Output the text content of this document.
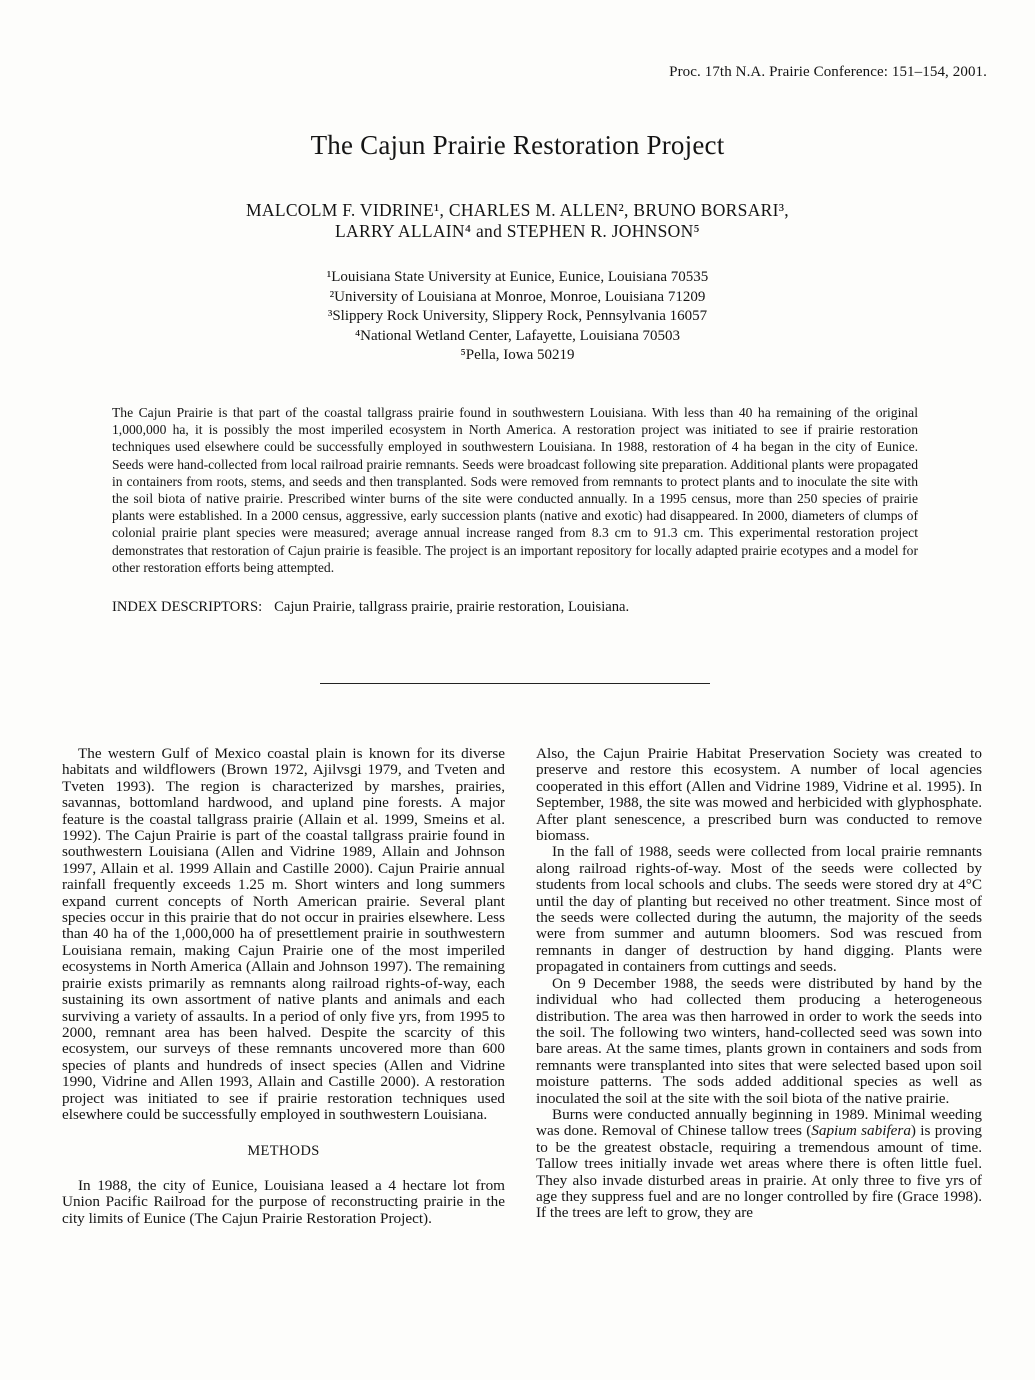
Proc. 17th N.A. Prairie Conference: 151–154, 2001.
The Cajun Prairie Restoration Project
MALCOLM F. VIDRINE¹, CHARLES M. ALLEN², BRUNO BORSARI³,
LARRY ALLAIN⁴ and STEPHEN R. JOHNSON⁵
¹Louisiana State University at Eunice, Eunice, Louisiana 70535
²University of Louisiana at Monroe, Monroe, Louisiana 71209
³Slippery Rock University, Slippery Rock, Pennsylvania 16057
⁴National Wetland Center, Lafayette, Louisiana 70503
⁵Pella, Iowa 50219
The Cajun Prairie is that part of the coastal tallgrass prairie found in southwestern Louisiana. With less than 40 ha remaining of the original 1,000,000 ha, it is possibly the most imperiled ecosystem in North America. A restoration project was initiated to see if prairie restoration techniques used elsewhere could be successfully employed in southwestern Louisiana. In 1988, restoration of 4 ha began in the city of Eunice. Seeds were hand-collected from local railroad prairie remnants. Seeds were broadcast following site preparation. Additional plants were propagated in containers from roots, stems, and seeds and then transplanted. Sods were removed from remnants to protect plants and to inoculate the site with the soil biota of native prairie. Prescribed winter burns of the site were conducted annually. In a 1995 census, more than 250 species of prairie plants were established. In a 2000 census, aggressive, early succession plants (native and exotic) had disappeared. In 2000, diameters of clumps of colonial prairie plant species were measured; average annual increase ranged from 8.3 cm to 91.3 cm. This experimental restoration project demonstrates that restoration of Cajun prairie is feasible. The project is an important repository for locally adapted prairie ecotypes and a model for other restoration efforts being attempted.
INDEX DESCRIPTORS: Cajun Prairie, tallgrass prairie, prairie restoration, Louisiana.

The western Gulf of Mexico coastal plain is known for its diverse habitats and wildflowers (Brown 1972, Ajilvsgi 1979, and Tveten and Tveten 1993). The region is characterized by marshes, prairies, savannas, bottomland hardwood, and upland pine forests. A major feature is the coastal tallgrass prairie (Allain et al. 1999, Smeins et al. 1992). The Cajun Prairie is part of the coastal tallgrass prairie found in southwestern Louisiana (Allen and Vidrine 1989, Allain and Johnson 1997, Allain et al. 1999 Allain and Castille 2000). Cajun Prairie annual rainfall frequently exceeds 1.25 m. Short winters and long summers expand current concepts of North American prairie. Several plant species occur in this prairie that do not occur in prairies elsewhere. Less than 40 ha of the 1,000,000 ha of presettlement prairie in southwestern Louisiana remain, making Cajun Prairie one of the most imperiled ecosystems in North America (Allain and Johnson 1997). The remaining prairie exists primarily as remnants along railroad rights-of-way, each sustaining its own assortment of native plants and animals and each surviving a variety of assaults. In a period of only five yrs, from 1995 to 2000, remnant area has been halved. Despite the scarcity of this ecosystem, our surveys of these remnants uncovered more than 600 species of plants and hundreds of insect species (Allen and Vidrine 1990, Vidrine and Allen 1993, Allain and Castille 2000). A restoration project was initiated to see if prairie restoration techniques used elsewhere could be successfully employed in southwestern Louisiana.

METHODS

In 1988, the city of Eunice, Louisiana leased a 4 hectare lot from Union Pacific Railroad for the purpose of reconstructing prairie in the city limits of Eunice (The Cajun Prairie Restoration Project).

Also, the Cajun Prairie Habitat Preservation Society was created to preserve and restore this ecosystem. A number of local agencies cooperated in this effort (Allen and Vidrine 1989, Vidrine et al. 1995). In September, 1988, the site was mowed and herbicided with glyphosphate. After plant senescence, a prescribed burn was conducted to remove biomass.

In the fall of 1988, seeds were collected from local prairie remnants along railroad rights-of-way. Most of the seeds were collected by students from local schools and clubs. The seeds were stored dry at 4°C until the day of planting but received no other treatment. Since most of the seeds were collected during the autumn, the majority of the seeds were from summer and autumn bloomers. Sod was rescued from remnants in danger of destruction by hand digging. Plants were propagated in containers from cuttings and seeds.

On 9 December 1988, the seeds were distributed by hand by the individual who had collected them producing a heterogeneous distribution. The area was then harrowed in order to work the seeds into the soil. The following two winters, hand-collected seed was sown into bare areas. At the same times, plants grown in containers and sods from remnants were transplanted into sites that were selected based upon soil moisture patterns. The sods added additional species as well as inoculated the soil at the site with the soil biota of the native prairie.

Burns were conducted annually beginning in 1989. Minimal weeding was done. Removal of Chinese tallow trees (Sapium sabifera) is proving to be the greatest obstacle, requiring a tremendous amount of time. Tallow trees initially invade wet areas where there is often little fuel. They also invade disturbed areas in prairie. At only three to five yrs of age they suppress fuel and are no longer controlled by fire (Grace 1998). If the trees are left to grow, they are
